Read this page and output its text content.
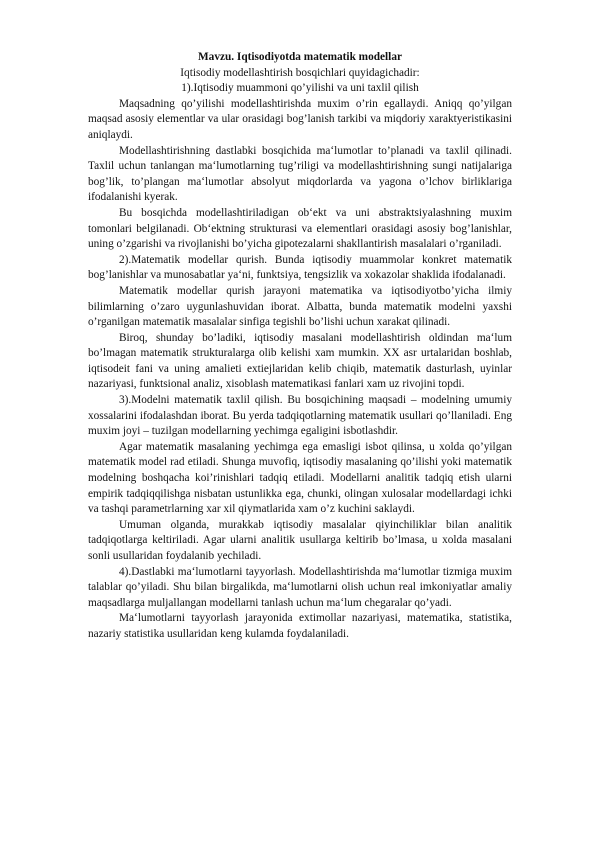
Mavzu. Iqtisodiyotda matematik modellar

Iqtisodiy modellashtirish bosqichlari quyidagichadir:

1).Iqtisodiy muammoni qo’yilishi va uni taxlil qilish

Maqsadning qo’yilishi modellashtirishda muxim o’rin egallaydi. Aniqq qo’yilgan maqsad asosiy elementlar va ular orasidagi bog’lanish tarkibi va miqdoriy xaraktyeristikasini aniqlaydi.

Modellashtirishning dastlabki bosqichida ma‘lumotlar to’planadi va taxlil qilinadi. Taxlil uchun tanlangan ma‘lumotlarning tug’riligi va modellashtirishning sungi natijalariga bog’lik, to’plangan ma‘lumotlar absolyut miqdorlarda va yagona o’lchov birliklariga ifodalanishi kyerak.

Bu bosqichda modellashtiriladigan ob‘ekt va uni abstraktsiyalashning muxim tomonlari belgilanadi. Ob‘ektning strukturasi va elementlari orasidagi asosiy bog’lanishlar, uning o’zgarishi va rivojlanishi bo’yicha gipotezalarni shakllantirish masalalari o’rganiladi.

2).Matematik modellar qurish. Bunda iqtisodiy muammolar konkret matematik bog’lanishlar va munosabatlar ya‘ni, funktsiya, tengsizlik va xokazolar shaklida ifodalanadi.

Matematik modellar qurish jarayoni matematika va iqtisodiyotbo’yicha ilmiy bilimlarning o’zaro uygunlashuvidan iborat. Albatta, bunda matematik modelni yaxshi o’rganilgan matematik masalalar sinfiga tegishli bo’lishi uchun xarakat qilinadi.

Biroq, shunday bo’ladiki, iqtisodiy masalani modellashtirish oldindan ma‘lum bo’lmagan matematik strukturalarga olib kelishi xam mumkin. XX asr urtalaridan boshlab, iqtisodeit fani va uning amalieti extiejlaridan kelib chiqib, matematik dasturlash, uyinlar nazariyasi, funktsional analiz, xisoblash matematikasi fanlari xam uz rivojini topdi.

3).Modelni matematik taxlil qilish. Bu bosqichining maqsadi – modelning umumiy xossalarini ifodalashdan iborat. Bu yerda tadqiqotlarning matematik usullari qo’llaniladi. Eng muxim joyi – tuzilgan modellarning yechimga egaligini isbotlashdir.

Agar matematik masalaning yechimga ega emasligi isbot qilinsa, u xolda qo’yilgan matematik model rad etiladi. Shunga muvofiq, iqtisodiy masalaning qo’ilishi yoki matematik modelning boshqacha koi’rinishlari tadqiq etiladi. Modellarni analitik tadqiq etish ularni empirik tadqiqqilishga nisbatan ustunlikka ega, chunki, olingan xulosalar modellardagi ichki va tashqi parametrlarning xar xil qiymatlarida xam o’z kuchini saklaydi.

Umuman olganda, murakkab iqtisodiy masalalar qiyinchiliklar bilan analitik tadqiqotlarga keltiriladi. Agar ularni analitik usullarga keltirib bo’lmasa, u xolda masalani sonli usullaridan foydalanib yechiladi.

4).Dastlabki ma‘lumotlarni tayyorlash. Modellashtirishda ma‘lumotlar tizmiga muxim talablar qo’yiladi. Shu bilan birgalikda, ma‘lumotlarni olish uchun real imkoniyatlar amaliy maqsadlarga muljallangan modellarni tanlash uchun ma‘lum chegaralar qo’yadi.

Ma‘lumotlarni tayyorlash jarayonida extimollar nazariyasi, matematika, statistika, nazariy statistika usullaridan keng kulamda foydalaniladi.
